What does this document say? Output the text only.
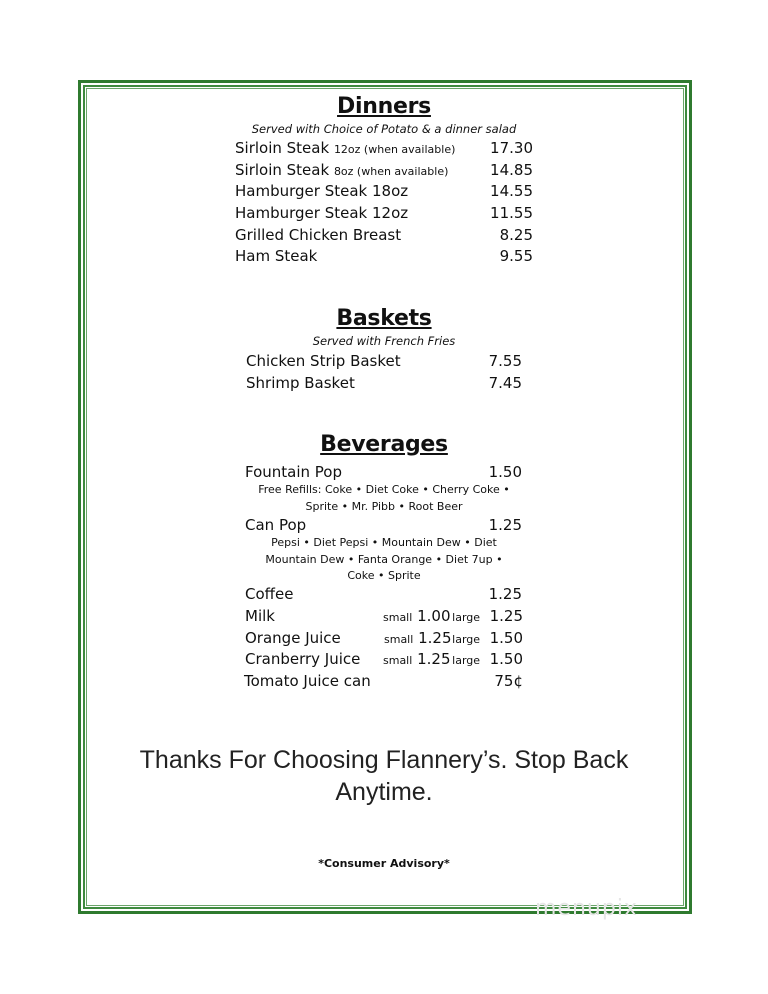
Dinners
Served with Choice of Potato & a dinner salad
Sirloin Steak 12oz (when available) 17.30
Sirloin Steak 8oz (when available)	14.85
Hamburger Steak 18oz	14.55
Hamburger Steak 12oz	11.55
Grilled Chicken Breast	8.25
Ham Steak	9.55
Baskets
Served with French Fries
Chicken Strip Basket	7.55
Shrimp Basket	7.45
Beverages
Fountain Pop	1.50
Free Refills: Coke • Diet Coke • Cherry Coke •
Sprite • Mr. Pibb • Root Beer
Can Pop	1.25
Pepsi • Diet Pepsi • Mountain Dew • Diet
Mountain Dew • Fanta Orange • Diet 7up •
Coke • Sprite
Coffee	1.25
Milk	small 1.00 large 1.25
Orange Juice	small 1.25 large 1.50
Cranberry Juice small 1.25 large 1.50
Tomato Juice can	75¢
Thanks For Choosing Flannery’s. Stop Back
Anytime.
*Consumer Advisory*
menupix
